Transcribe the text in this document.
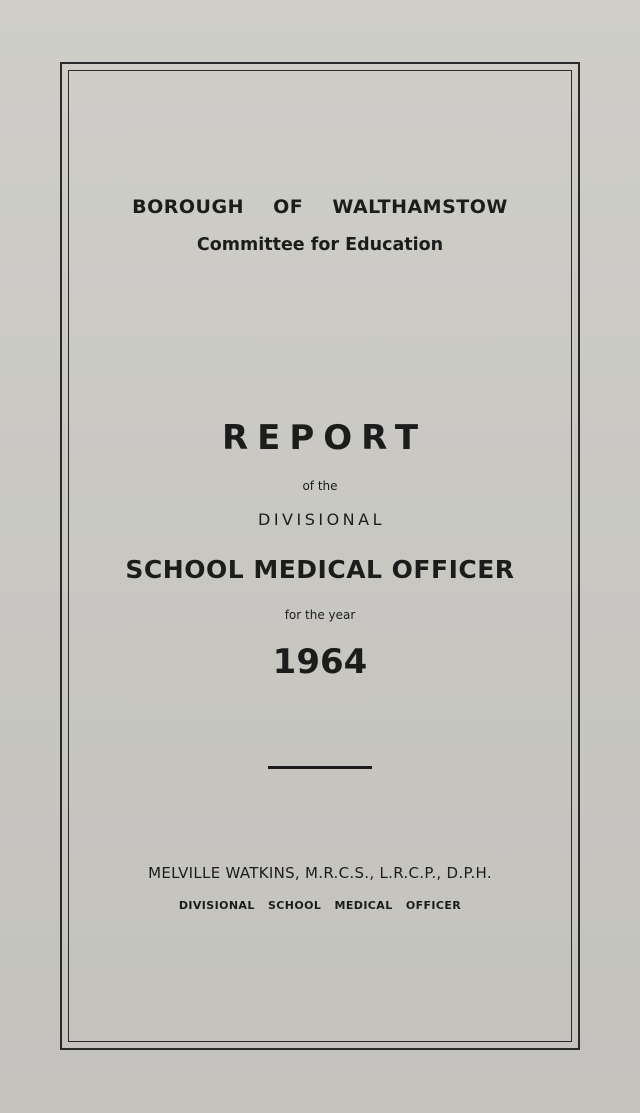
BOROUGH OF WALTHAMSTOW
Committee for Education
REPORT
of the
DIVISIONAL
SCHOOL MEDICAL OFFICER
for the year
1964
MELVILLE WATKINS, M.R.C.S., L.R.C.P., D.P.H.
DIVISIONAL SCHOOL MEDICAL OFFICER
